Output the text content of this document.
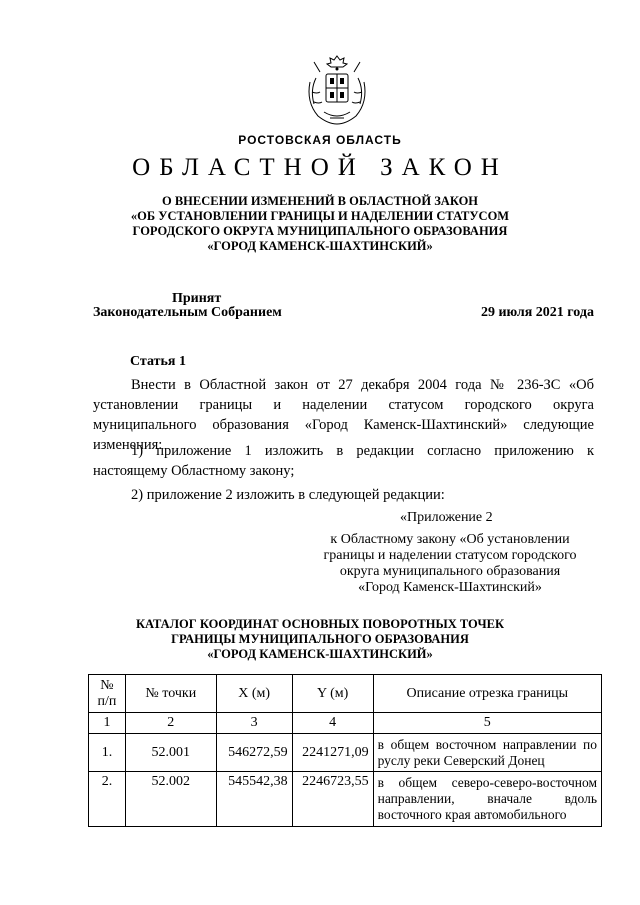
РОСТОВСКАЯ ОБЛАСТЬ
ОБЛАСТНОЙ ЗАКОН
О ВНЕСЕНИИ ИЗМЕНЕНИЙ В ОБЛАСТНОЙ ЗАКОН
«ОБ УСТАНОВЛЕНИИ ГРАНИЦЫ И НАДЕЛЕНИИ СТАТУСОМ
ГОРОДСКОГО ОКРУГА МУНИЦИПАЛЬНОГО ОБРАЗОВАНИЯ
«ГОРОД КАМЕНСК-ШАХТИНСКИЙ»
Принят
Законодательным Собранием	29 июля 2021 года
Статья 1
Внести в Областной закон от 27 декабря 2004 года № 236-ЗС «Об установлении границы и наделении статусом городского округа муниципального образования «Город Каменск-Шахтинский» следующие изменения:
1) приложение 1 изложить в редакции согласно приложению к настоящему Областному закону;
2) приложение 2 изложить в следующей редакции:
«Приложение 2
к Областному закону «Об установлении
границы и наделении статусом городского
округа муниципального образования
«Город Каменск-Шахтинский»
КАТАЛОГ КООРДИНАТ ОСНОВНЫХ ПОВОРОТНЫХ ТОЧЕК
ГРАНИЦЫ МУНИЦИПАЛЬНОГО ОБРАЗОВАНИЯ
«ГОРОД КАМЕНСК-ШАХТИНСКИЙ»
№ п/п	№ точки	X (м)	Y (м)	Описание отрезка границы
1	2	3	4	5
1.	52.001	546272,59	2241271,09	в общем восточном направлении по руслу реки Северский Донец
2.	52.002	545542,38	2246723,55	в общем северо-северо-восточном направлении, вначале вдоль восточного края автомобильного
